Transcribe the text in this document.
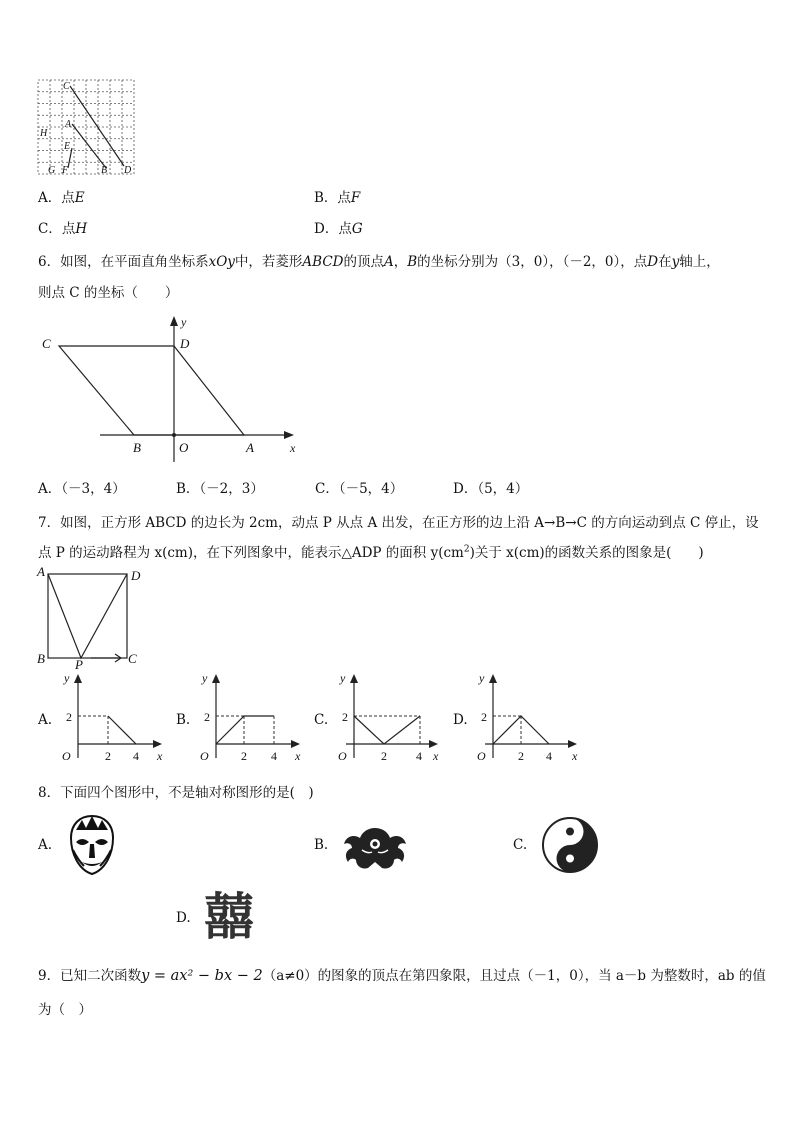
C
A
H
E
G F	B D
A．点E	B．点F
C．点H	D．点G
6．如图，在平面直角坐标系xOy中，若菱形ABCD的顶点A，B的坐标分别为（3，0），（－2，0），点D在y轴上，
则点 C 的坐标（　　）
C	D
y
B	O	A	x
A．（－3，4）	B．（－2，3）	C．（－5，4）	D．（5，4）
7．如图，正方形 ABCD 的边长为 2cm，动点 P 从点 A 出发，在正方形的边上沿 A→B→C 的方向运动到点 C 停止，设
点 P 的运动路程为 x(cm)，在下列图象中，能表示△ADP 的面积 $y(cm^2)$关于 x(cm)的函数关系的图象是(　　)
A	D
B P	C
A.
y
2
O	2 4 x
B.
y
2
O	2 4 x
C.
y
2
O	2 4 x
D.
y
2
O	2 4 x
8．下面四个图形中，不是轴对称图形的是(　)
A.	B.	C.
D. 囍
9．已知二次函数y = ax² − bx − 2（a≠0）的图象的顶点在第四象限，且过点（－1，0），当 a－b 为整数时，ab 的值
为（　）
